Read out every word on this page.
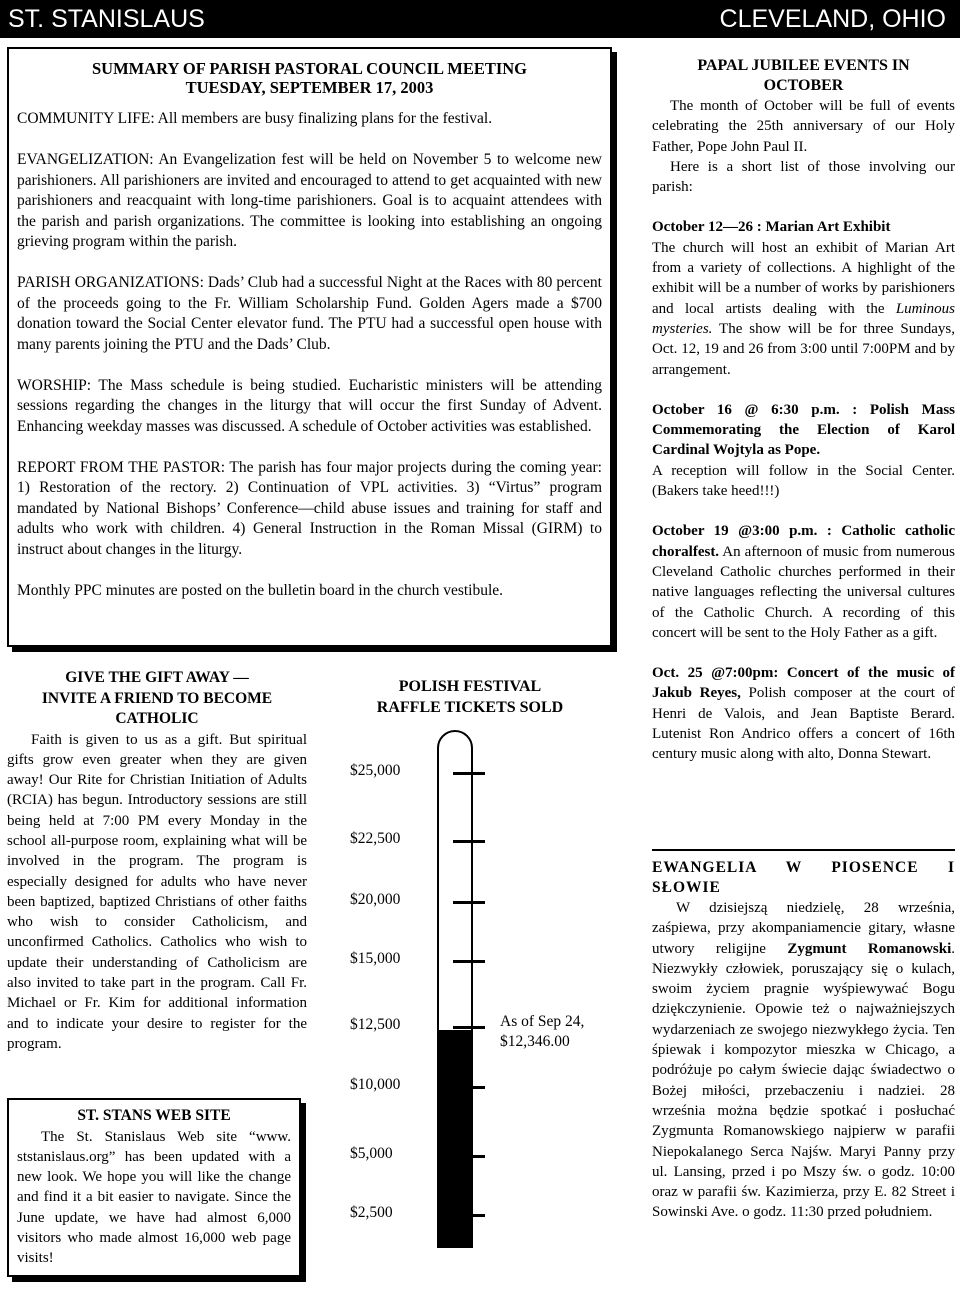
ST. STANISLAUS	CLEVELAND, OHIO
SUMMARY OF PARISH PASTORAL COUNCIL MEETING
TUESDAY, SEPTEMBER 17, 2003

COMMUNITY LIFE: All members are busy finalizing plans for the festival.

EVANGELIZATION: An Evangelization fest will be held on November 5 to welcome new parishioners. All parishioners are invited and encouraged to attend to get acquainted with new parishioners and reacquaint with long-time parishioners. Goal is to acquaint attendees with the parish and parish organizations. The committee is looking into establishing an ongoing grieving program within the parish.

PARISH ORGANIZATIONS: Dads’ Club had a successful Night at the Races with 80 percent of the proceeds going to the Fr. William Scholarship Fund. Golden Agers made a $700 donation toward the Social Center elevator fund. The PTU had a successful open house with many parents joining the PTU and the Dads’ Club.

WORSHIP: The Mass schedule is being studied. Eucharistic ministers will be attending sessions regarding the changes in the liturgy that will occur the first Sunday of Advent. Enhancing weekday masses was discussed. A schedule of October activities was established.

REPORT FROM THE PASTOR: The parish has four major projects during the coming year: 1) Restoration of the rectory. 2) Continuation of VPL activities. 3) “Virtus” program mandated by National Bishops’ Conference—child abuse issues and training for staff and adults who work with children. 4) General Instruction in the Roman Missal (GIRM) to instruct about changes in the liturgy.

Monthly PPC minutes are posted on the bulletin board in the church vestibule.

PAPAL JUBILEE EVENTS IN
OCTOBER

The month of October will be full of events celebrating the 25th anniversary of our Holy Father, Pope John Paul II.

Here is a short list of those involving our parish:

October 12—26 : Marian Art Exhibit
The church will host an exhibit of Marian Art from a variety of collections. A highlight of the exhibit will be a number of works by parishioners and local artists dealing with the Luminous mysteries. The show will be for three Sundays, Oct. 12, 19 and 26 from 3:00 until 7:00PM and by arrangement.

October 16 @ 6:30 p.m. : Polish Mass Commemorating the Election of Karol Cardinal Wojtyla as Pope.
A reception will follow in the Social Center. (Bakers take heed!!!)

October 19 @3:00 p.m. : Catholic catholic choralfest. An afternoon of music from numerous Cleveland Catholic churches performed in their native languages reflecting the universal cultures of the Catholic Church. A recording of this concert will be sent to the Holy Father as a gift.

Oct. 25 @7:00pm: Concert of the music of Jakub Reyes, Polish composer at the court of Henri de Valois, and Jean Baptiste Berard. Lutenist Ron Andrico offers a concert of 16th century music along with alto, Donna Stewart.

GIVE THE GIFT AWAY —
INVITE A FRIEND TO BECOME CATHOLIC

Faith is given to us as a gift. But spiritual gifts grow even greater when they are given away! Our Rite for Christian Initiation of Adults (RCIA) has begun. Introductory sessions are still being held at 7:00 PM every Monday in the school all-purpose room, explaining what will be involved in the program. The program is especially designed for adults who have never been baptized, baptized Christians of other faiths who wish to consider Catholicism, and unconfirmed Catholics. Catholics who wish to update their understanding of Catholicism are also invited to take part in the program. Call Fr. Michael or Fr. Kim for additional information and to indicate your desire to register for the program.

ST. STANS WEB SITE

The St. Stanislaus Web site “www. ststanislaus.org” has been updated with a new look. We hope you will like the change and find it a bit easier to navigate. Since the June update, we have had almost 6,000 visitors who made almost 16,000 web page visits!

POLISH FESTIVAL
RAFFLE TICKETS SOLD
$25,000
$22,500
$20,000
$15,000
$12,500
$10,000
$5,000
$2,500
As of Sep 24, $12,346.00
EWANGELIA W PIOSENCE I SŁOWIE

W dzisiejszą niedzielę, 28 września, zaśpiewa, przy akompaniamencie gitary, własne utwory religijne Zygmunt Romanowski. Niezwykły człowiek, poruszający się o kulach, swoim życiem pragnie wyśpiewywać Bogu dziękczynienie. Opowie też o najważniejszych wydarzeniach ze swojego niezwykłego życia. Ten śpiewak i kompozytor mieszka w Chicago, a podróżuje po całym świecie dając świadectwo o Bożej miłości, przebaczeniu i nadziei. 28 września można będzie spotkać i posłuchać Zygmunta Romanowskiego najpierw w parafii Niepokalanego Serca Najśw. Maryi Panny przy ul. Lansing, przed i po Mszy św. o godz. 10:00 oraz w parafii św. Kazimierza, przy E. 82 Street i Sowinski Ave. o godz. 11:30 przed południem.
